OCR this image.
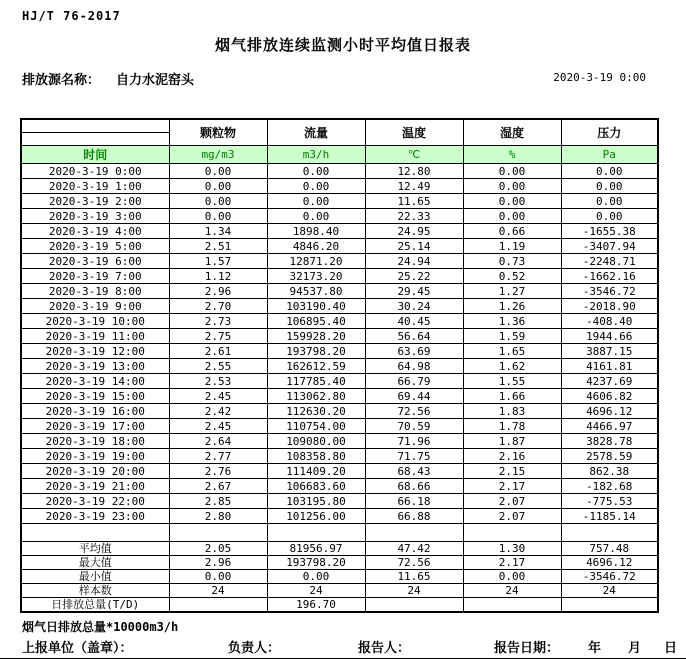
HJ/T 76-2017
烟气排放连续监测小时平均值日报表
排放源名称： 自力水泥窑头	2020-3-19 0:00
	颗粒物	流量	温度	湿度	压力
时间	mg/m3	m3/h	℃	%	Pa
2020-3-19 0:00	0.00	0.00	12.80	0.00	0.00
2020-3-19 1:00	0.00	0.00	12.49	0.00	0.00
2020-3-19 2:00	0.00	0.00	11.65	0.00	0.00
2020-3-19 3:00	0.00	0.00	22.33	0.00	0.00
2020-3-19 4:00	1.34	1898.40	24.95	0.66	-1655.38
2020-3-19 5:00	2.51	4846.20	25.14	1.19	-3407.94
2020-3-19 6:00	1.57	12871.20	24.94	0.73	-2248.71
2020-3-19 7:00	1.12	32173.20	25.22	0.52	-1662.16
2020-3-19 8:00	2.96	94537.80	29.45	1.27	-3546.72
2020-3-19 9:00	2.70	103190.40	30.24	1.26	-2018.90
2020-3-19 10:00	2.73	106895.40	40.45	1.36	-408.40
2020-3-19 11:00	2.75	159928.20	56.64	1.59	1944.66
2020-3-19 12:00	2.61	193798.20	63.69	1.65	3887.15
2020-3-19 13:00	2.55	162612.59	64.98	1.62	4161.81
2020-3-19 14:00	2.53	117785.40	66.79	1.55	4237.69
2020-3-19 15:00	2.45	113062.80	69.44	1.66	4606.82
2020-3-19 16:00	2.42	112630.20	72.56	1.83	4696.12
2020-3-19 17:00	2.45	110754.00	70.59	1.78	4466.97
2020-3-19 18:00	2.64	109080.00	71.96	1.87	3828.78
2020-3-19 19:00	2.77	108358.80	71.75	2.16	2578.59
2020-3-19 20:00	2.76	111409.20	68.43	2.15	862.38
2020-3-19 21:00	2.67	106683.60	68.66	2.17	-182.68
2020-3-19 22:00	2.85	103195.80	66.18	2.07	-775.53
2020-3-19 23:00	2.80	101256.00	66.88	2.07	-1185.14

平均值	2.05	81956.97	47.42	1.30	757.48
最大值	2.96	193798.20	72.56	2.17	4696.12
最小值	0.00	0.00	11.65	0.00	-3546.72
样本数	24	24	24	24	24
日排放总量(T/D)		196.70			
烟气日排放总量*10000m3/h
上报单位（盖章）：	负责人：	报告人：	报告日期： 年 月 日
